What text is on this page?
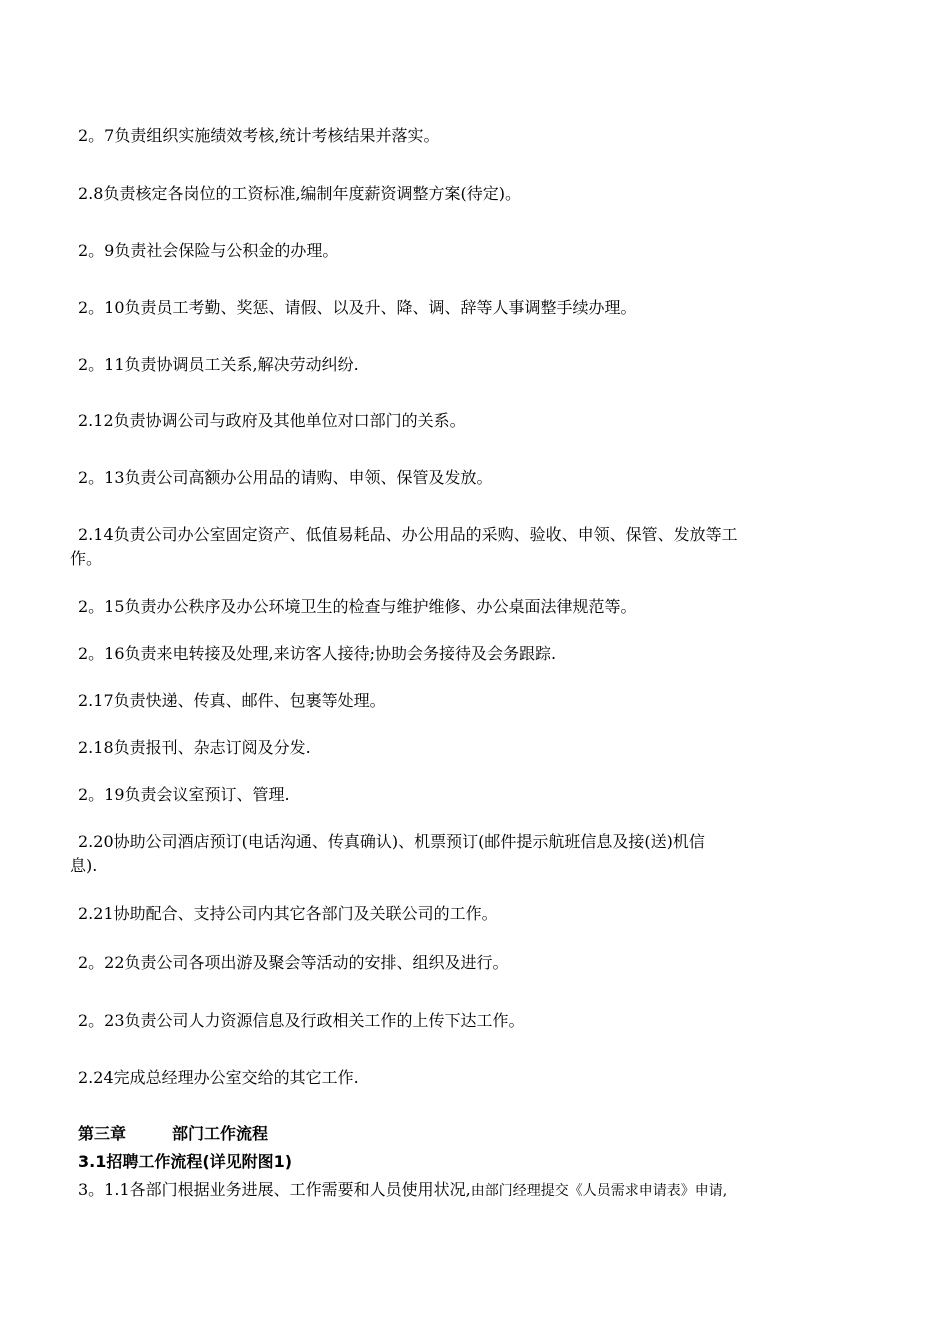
2。7负责组织实施绩效考核,统计考核结果并落实。
2.8负责核定各岗位的工资标准,编制年度薪资调整方案(待定)。
2。9负责社会保险与公积金的办理。
2。10负责员工考勤、奖惩、请假、以及升、降、调、辞等人事调整手续办理。
2。11负责协调员工关系,解决劳动纠纷.
2.12负责协调公司与政府及其他单位对口部门的关系。
2。13负责公司高额办公用品的请购、申领、保管及发放。
2.14负责公司办公室固定资产、低值易耗品、办公用品的采购、验收、申领、保管、发放等工
作。
2。15负责办公秩序及办公环境卫生的检查与维护维修、办公桌面法律规范等。
2。16负责来电转接及处理,来访客人接待;协助会务接待及会务跟踪.
2.17负责快递、传真、邮件、包裹等处理。
2.18负责报刊、杂志订阅及分发.
2。19负责会议室预订、管理.
2.20协助公司酒店预订(电话沟通、传真确认)、机票预订(邮件提示航班信息及接(送)机信
息).
2.21协助配合、支持公司内其它各部门及关联公司的工作。
2。22负责公司各项出游及聚会等活动的安排、组织及进行。
2。23负责公司人力资源信息及行政相关工作的上传下达工作。
2.24完成总经理办公室交给的其它工作.
第三章	部门工作流程
3.1招聘工作流程(详见附图1)
3。1.1各部门根据业务进展、工作需要和人员使用状况,由部门经理提交《人员需求申请表》申请,
